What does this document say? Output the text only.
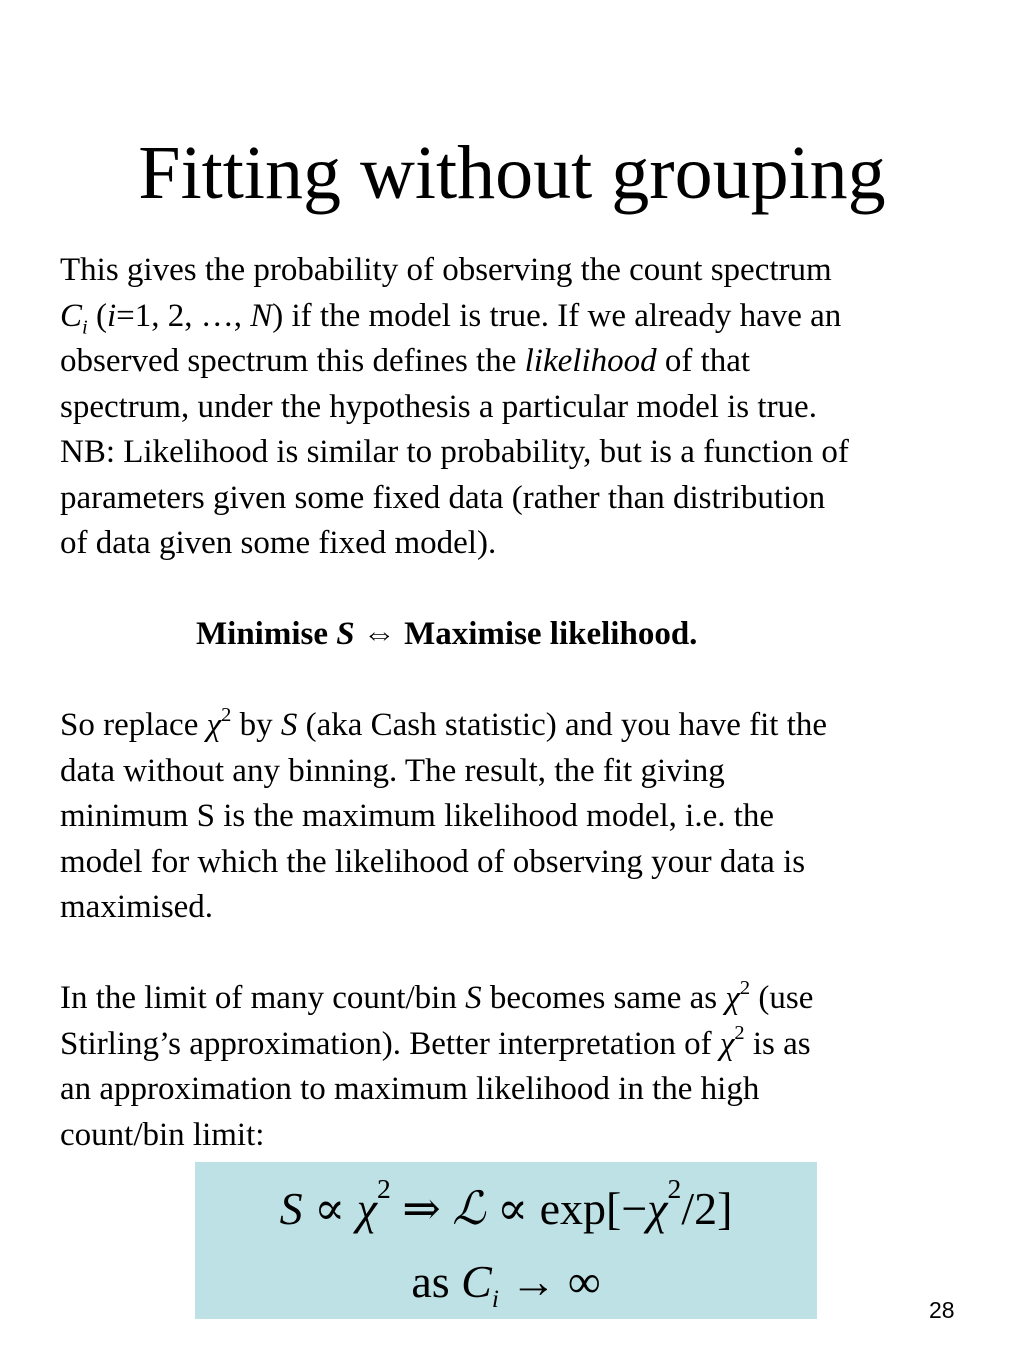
Fitting without grouping

This gives the probability of observing the count spectrum
$C_i$ (i=1, 2, …, N) if the model is true. If we already have an
observed spectrum this defines the likelihood of that
spectrum, under the hypothesis a particular model is true.
NB: Likelihood is similar to probability, but is a function of
parameters given some fixed data (rather than distribution
of data given some fixed model).

Minimise S ⇔ Maximise likelihood.

So replace $\chi^2$ by S (aka Cash statistic) and you have fit the
data without any binning. The result, the fit giving
minimum S is the maximum likelihood model, i.e. the
model for which the likelihood of observing your data is
maximised.

In the limit of many count/bin S becomes same as $\chi^2$ (use
Stirling’s approximation). Better interpretation of $\chi^2$ is as
an approximation to maximum likelihood in the high
count/bin limit:

$S \propto \chi^2$ ⇒ ℒ ∝ $\exp[-\chi^2/2]$
as $C_i$ → ∞
28
